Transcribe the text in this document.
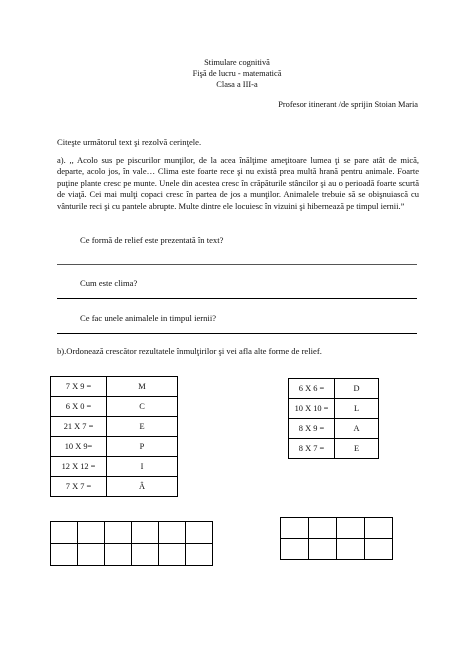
Stimulare cognitivă
Fişă de lucru - matematică
Clasa a III-a
Profesor itinerant /de sprijin Stoian Maria
Citeşte următorul text şi rezolvă cerinţele.
a). ,, Acolo sus pe piscurilor munţilor, de la acea înălţime ameţitoare lumea ţi se pare atât de mică, departe, acolo jos, în vale… Clima este foarte rece şi nu există prea multă hrană pentru animale. Foarte puţine plante cresc pe munte. Unele din acestea cresc în crăpăturile stâncilor şi au o perioadă foarte scurtă de viaţă. Cei mai mulţi copaci cresc în partea de jos a munţilor. Animalele trebuie să se obişnuiască cu vânturile reci şi cu pantele abrupte. Multe dintre ele locuiesc în vizuini şi hibernează pe timpul iernii.”
Ce formă de relief este prezentată în text?
Cum este clima?
Ce fac unele animalele in timpul iernii?
b).Ordonează crescător rezultatele înmulţirilor şi vei afla alte forme de relief.
7 X 9 =	M
6 X 0 =	C
21 X 7 =	E
10 X 9=	P
12 X 12 =	I
7 X 7 =	Â
6 X 6 =	D
10 X 10 =	L
8 X 9 =	A
8 X 7 =	E
